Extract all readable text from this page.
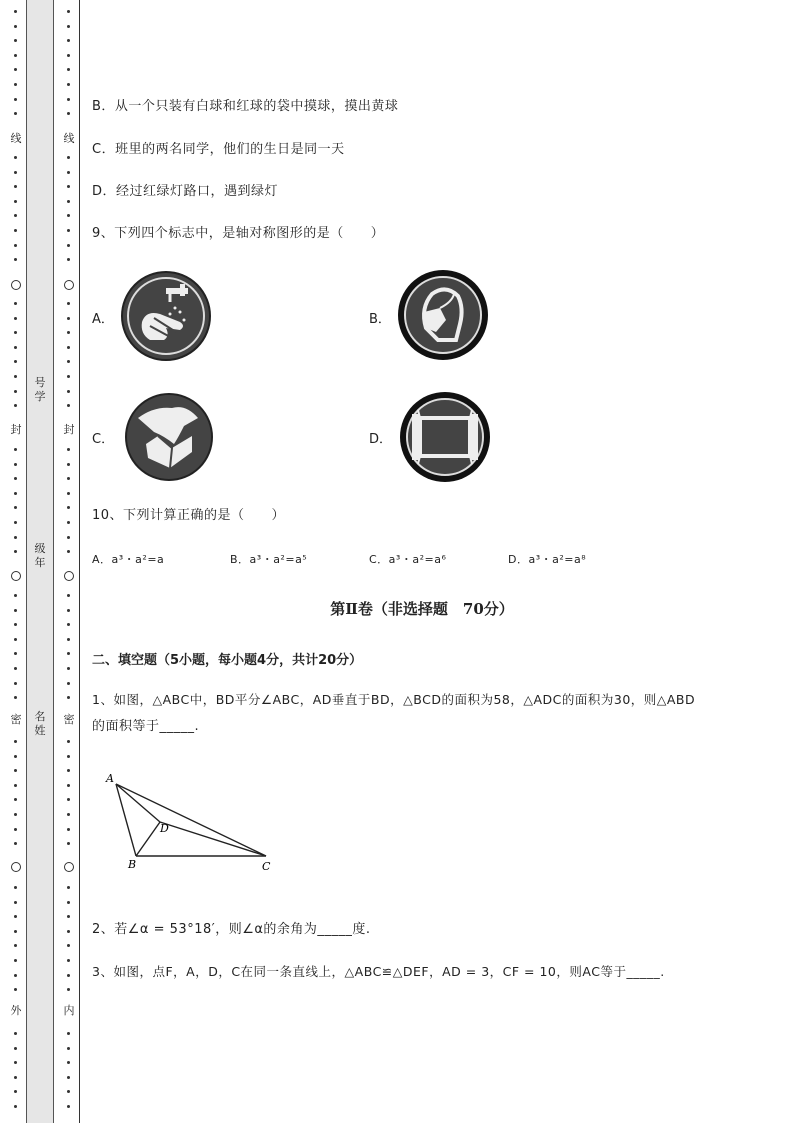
线
封
密
外
号
学
级
年
名
姓
线
封
密
内
B．从一个只装有白球和红球的袋中摸球，摸出黄球
C．班里的两名同学，他们的生日是同一天
D．经过红绿灯路口，遇到绿灯
9、下列四个标志中，是轴对称图形的是（　　）
A．	B．
C．	D．
10、下列计算正确的是（　　）
A．a³・a²=a	B．a³・a²=a⁵	C．a³・a²=a⁶	D．a³・a²=a⁸
第Ⅱ卷（非选择题　70分）
二、填空题（5小题，每小题4分，共计20分）
1、如图，△ABC中，BD平分∠ABC，AD垂直于BD，△BCD的面积为58，△ADC的面积为30，则△ABD
的面积等于_____.
A
B	C
D
2、若∠α = 53°18′，则∠α的余角为_____度.
3、如图，点F，A，D，C在同一条直线上，△ABC≌△DEF，AD = 3，CF = 10，则AC等于_____.
